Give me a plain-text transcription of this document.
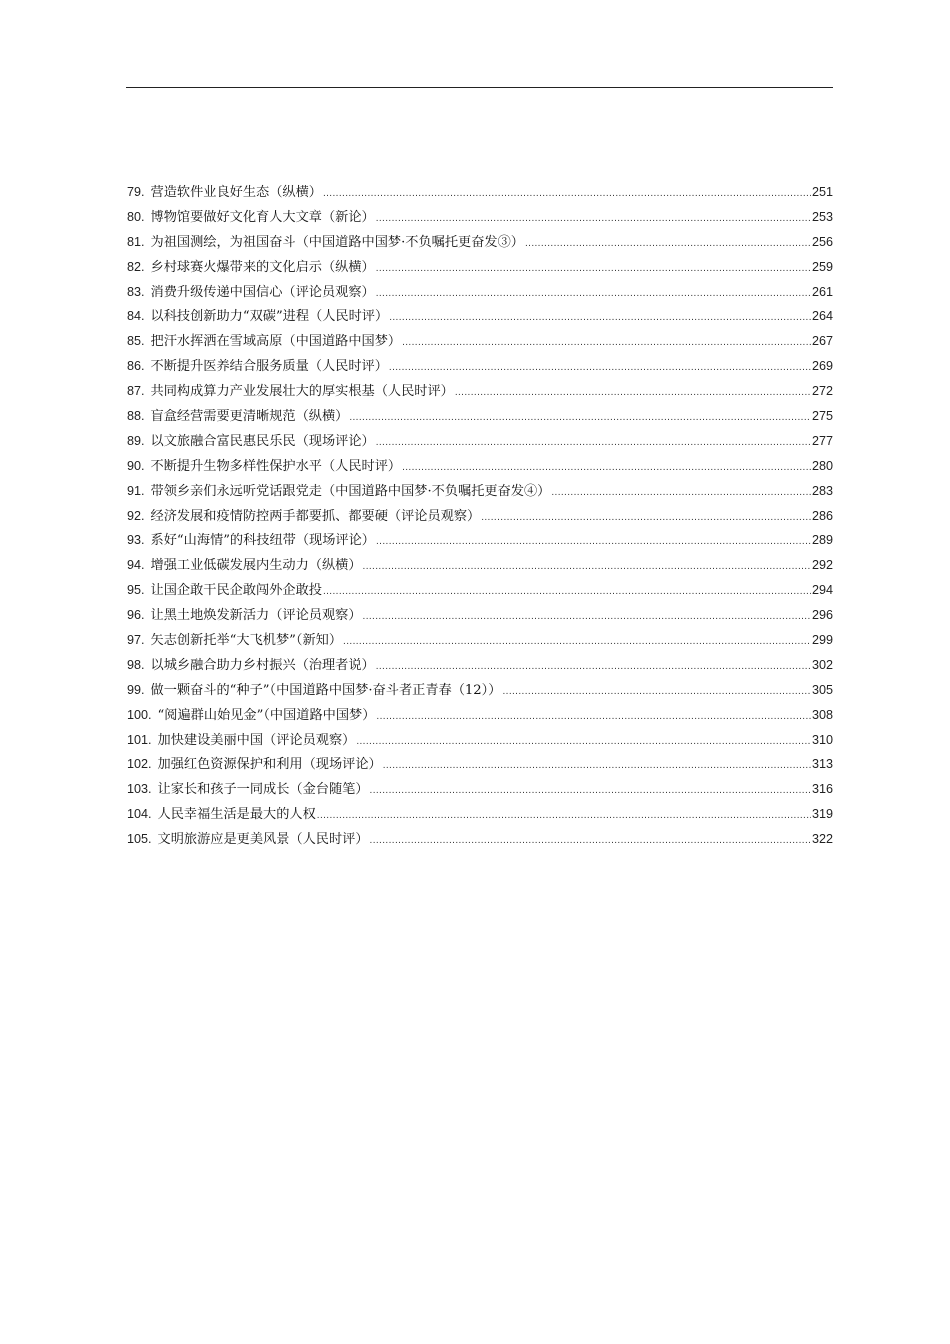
79. 营造软件业良好生态（纵横） .....	251
80. 博物馆要做好文化育人大文章（新论） .....	253
81. 为祖国测绘，为祖国奋斗（中国道路中国梦·不负嘱托更奋发③） .....	256
82. 乡村球赛火爆带来的文化启示（纵横） .....	259
83. 消费升级传递中国信心（评论员观察） .....	261
84. 以科技创新助力“双碳”进程（人民时评） .....	264
85. 把汗水挥洒在雪域高原（中国道路中国梦） .....	267
86. 不断提升医养结合服务质量（人民时评） .....	269
87. 共同构成算力产业发展壮大的厚实根基（人民时评） .....	272
88. 盲盒经营需要更清晰规范（纵横） .....	275
89. 以文旅融合富民惠民乐民（现场评论） .....	277
90. 不断提升生物多样性保护水平（人民时评） .....	280
91. 带领乡亲们永远听党话跟党走（中国道路中国梦·不负嘱托更奋发④） .....	283
92. 经济发展和疫情防控两手都要抓、都要硬（评论员观察） .....	286
93. 系好“山海情”的科技纽带（现场评论） .....	289
94. 增强工业低碳发展内生动力（纵横） .....	292
95. 让国企敢干民企敢闯外企敢投 .....	294
96. 让黑土地焕发新活力（评论员观察） .....	296
97. 矢志创新托举“大飞机梦”（新知） .....	299
98. 以城乡融合助力乡村振兴（治理者说） .....	302
99. 做一颗奋斗的“种子”（中国道路中国梦·奋斗者正青春（12）） .....	305
100. “阅遍群山始见金”（中国道路中国梦） .....	308
101. 加快建设美丽中国（评论员观察） .....	310
102. 加强红色资源保护和利用（现场评论） .....	313
103. 让家长和孩子一同成长（金台随笔） .....	316
104. 人民幸福生活是最大的人权 .....	319
105. 文明旅游应是更美风景（人民时评） .....	322
